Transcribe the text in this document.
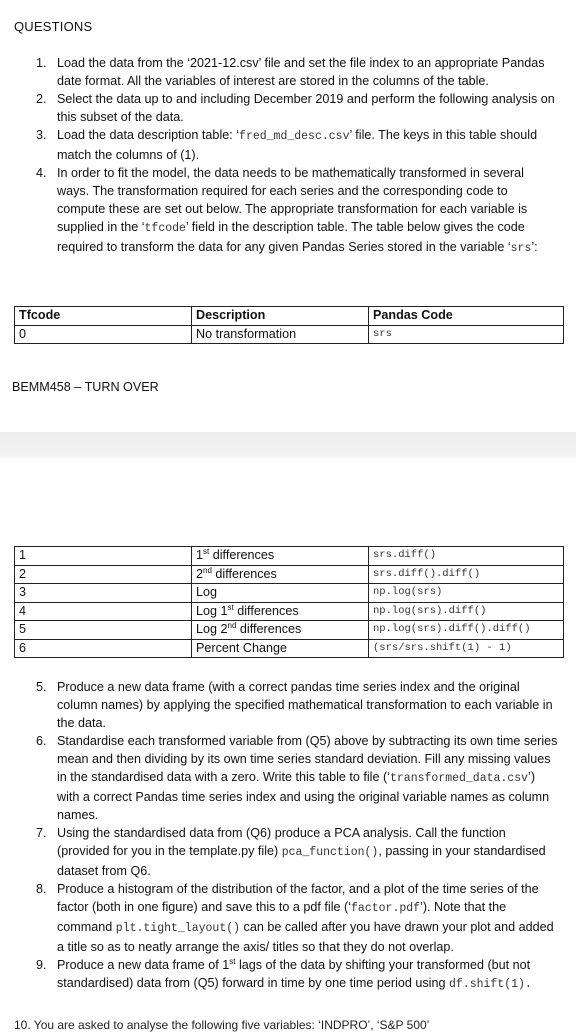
QUESTIONS
1. Load the data from the ‘2021-12.csv’ file and set the file index to an appropriate Pandas date format. All the variables of interest are stored in the columns of the table.
2. Select the data up to and including December 2019 and perform the following analysis on this subset of the data.
3. Load the data description table: ‘fred_md_desc.csv’ file. The keys in this table should match the columns of (1).
4. In order to fit the model, the data needs to be mathematically transformed in several ways. The transformation required for each series and the corresponding code to compute these are set out below. The appropriate transformation for each variable is supplied in the ‘tfcode’ field in the description table. The table below gives the code required to transform the data for any given Pandas Series stored in the variable ‘srs’:
Tfcode	Description	Pandas Code
0	No transformation	srs
BEMM458 – TURN OVER
1	1st differences	srs.diff()
2	2nd differences	srs.diff().diff()
3	Log	np.log(srs)
4	Log 1st differences	np.log(srs).diff()
5	Log 2nd differences	np.log(srs).diff().diff()
6	Percent Change	(srs/srs.shift(1) - 1)
5. Produce a new data frame (with a correct pandas time series index and the original column names) by applying the specified mathematical transformation to each variable in the data.
6. Standardise each transformed variable from (Q5) above by subtracting its own time series mean and then dividing by its own time series standard deviation. Fill any missing values in the standardised data with a zero. Write this table to file (‘transformed_data.csv’) with a correct Pandas time series index and using the original variable names as column names.
7. Using the standardised data from (Q6) produce a PCA analysis. Call the function (provided for you in the template.py file) pca_function(), passing in your standardised dataset from Q6.
8. Produce a histogram of the distribution of the factor, and a plot of the time series of the factor (both in one figure) and save this to a pdf file (‘factor.pdf’). Note that the command plt.tight_layout() can be called after you have drawn your plot and added a title so as to neatly arrange the axis/ titles so that they do not overlap.
9. Produce a new data frame of 1st lags of the data by shifting your transformed (but not standardised) data from (Q5) forward in time by one time period using df.shift(1).
10. You are asked to analyse the following five variables: ‘INDPRO’, ‘S&P 500’
